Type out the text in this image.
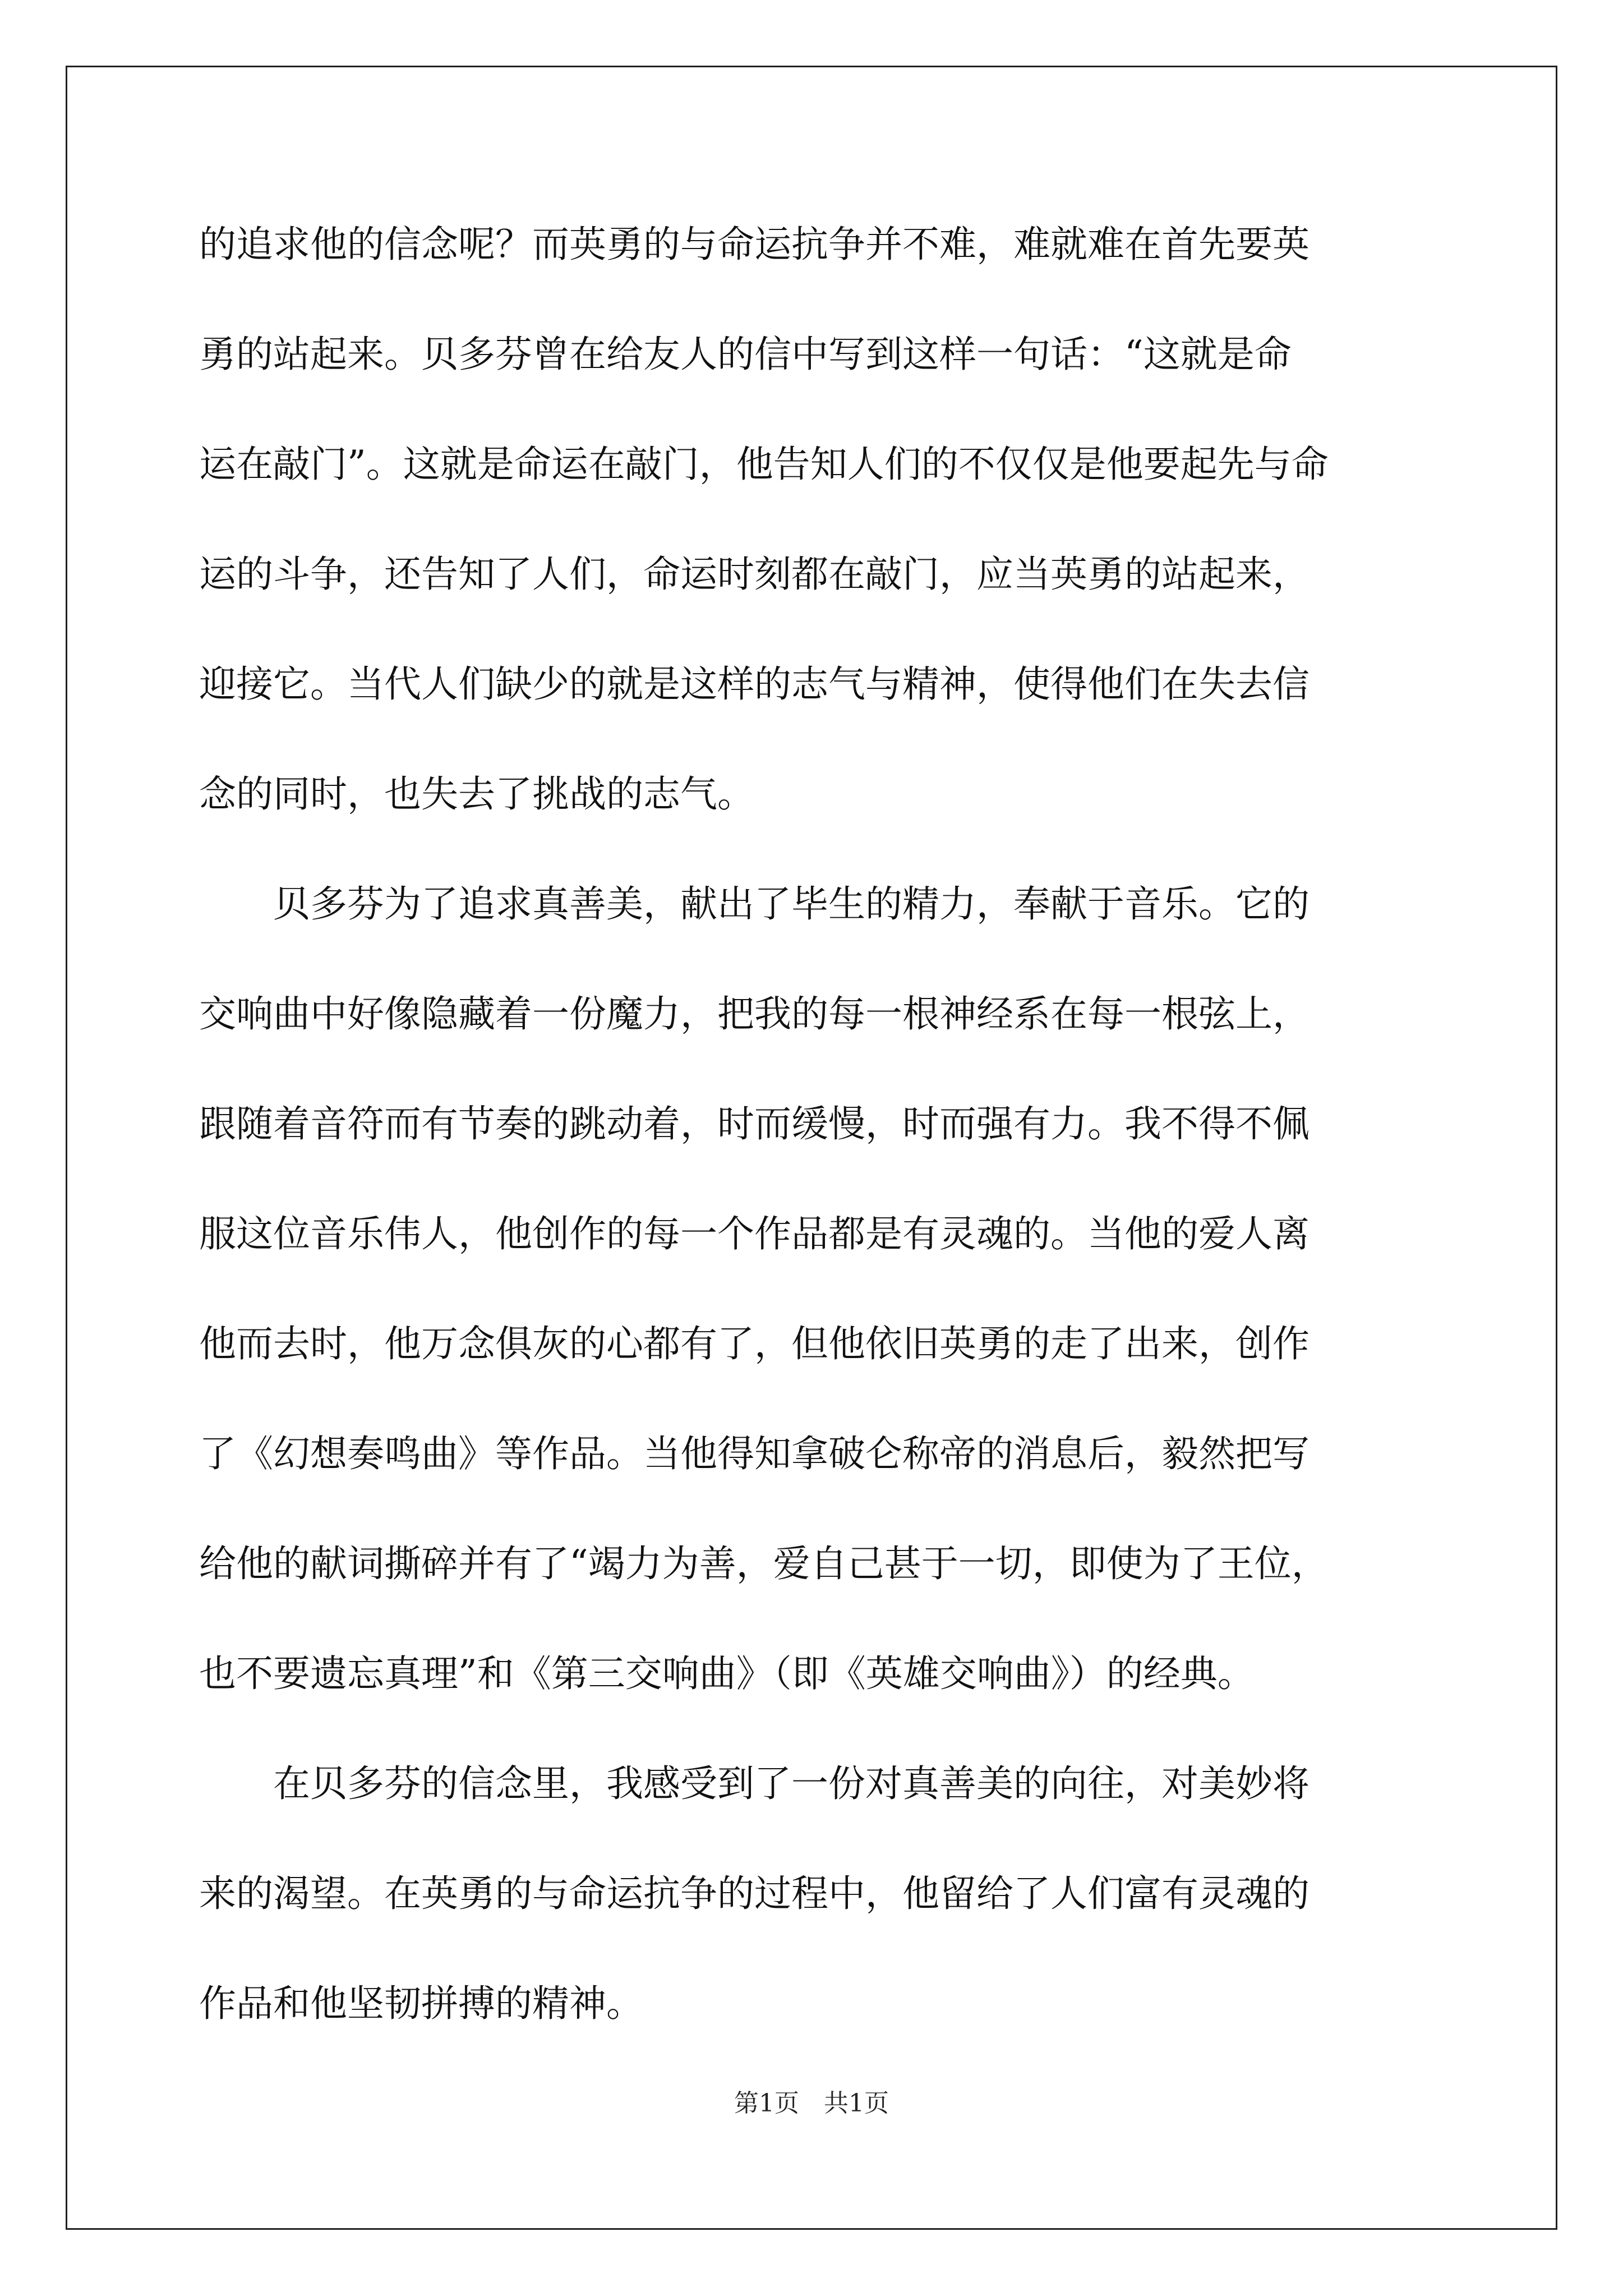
的追求他的信念呢？而英勇的与命运抗争并不难，难就难在首先要英
勇的站起来。贝多芬曾在给友人的信中写到这样一句话：“这就是命
运在敲门”。这就是命运在敲门，他告知人们的不仅仅是他要起先与命
运的斗争，还告知了人们，命运时刻都在敲门，应当英勇的站起来，
迎接它。当代人们缺少的就是这样的志气与精神，使得他们在失去信
念的同时，也失去了挑战的志气。
　　贝多芬为了追求真善美，献出了毕生的精力，奉献于音乐。它的
交响曲中好像隐藏着一份魔力，把我的每一根神经系在每一根弦上，
跟随着音符而有节奏的跳动着，时而缓慢，时而强有力。我不得不佩
服这位音乐伟人，他创作的每一个作品都是有灵魂的。当他的爱人离
他而去时，他万念俱灰的心都有了，但他依旧英勇的走了出来，创作
了《幻想奏鸣曲》等作品。当他得知拿破仑称帝的消息后，毅然把写
给他的献词撕碎并有了“竭力为善，爱自己甚于一切，即使为了王位，
也不要遗忘真理”和《第三交响曲》（即《英雄交响曲》）的经典。
　　在贝多芬的信念里，我感受到了一份对真善美的向往，对美妙将
来的渴望。在英勇的与命运抗争的过程中，他留给了人们富有灵魂的
作品和他坚韧拼搏的精神。
第1页　共1页
